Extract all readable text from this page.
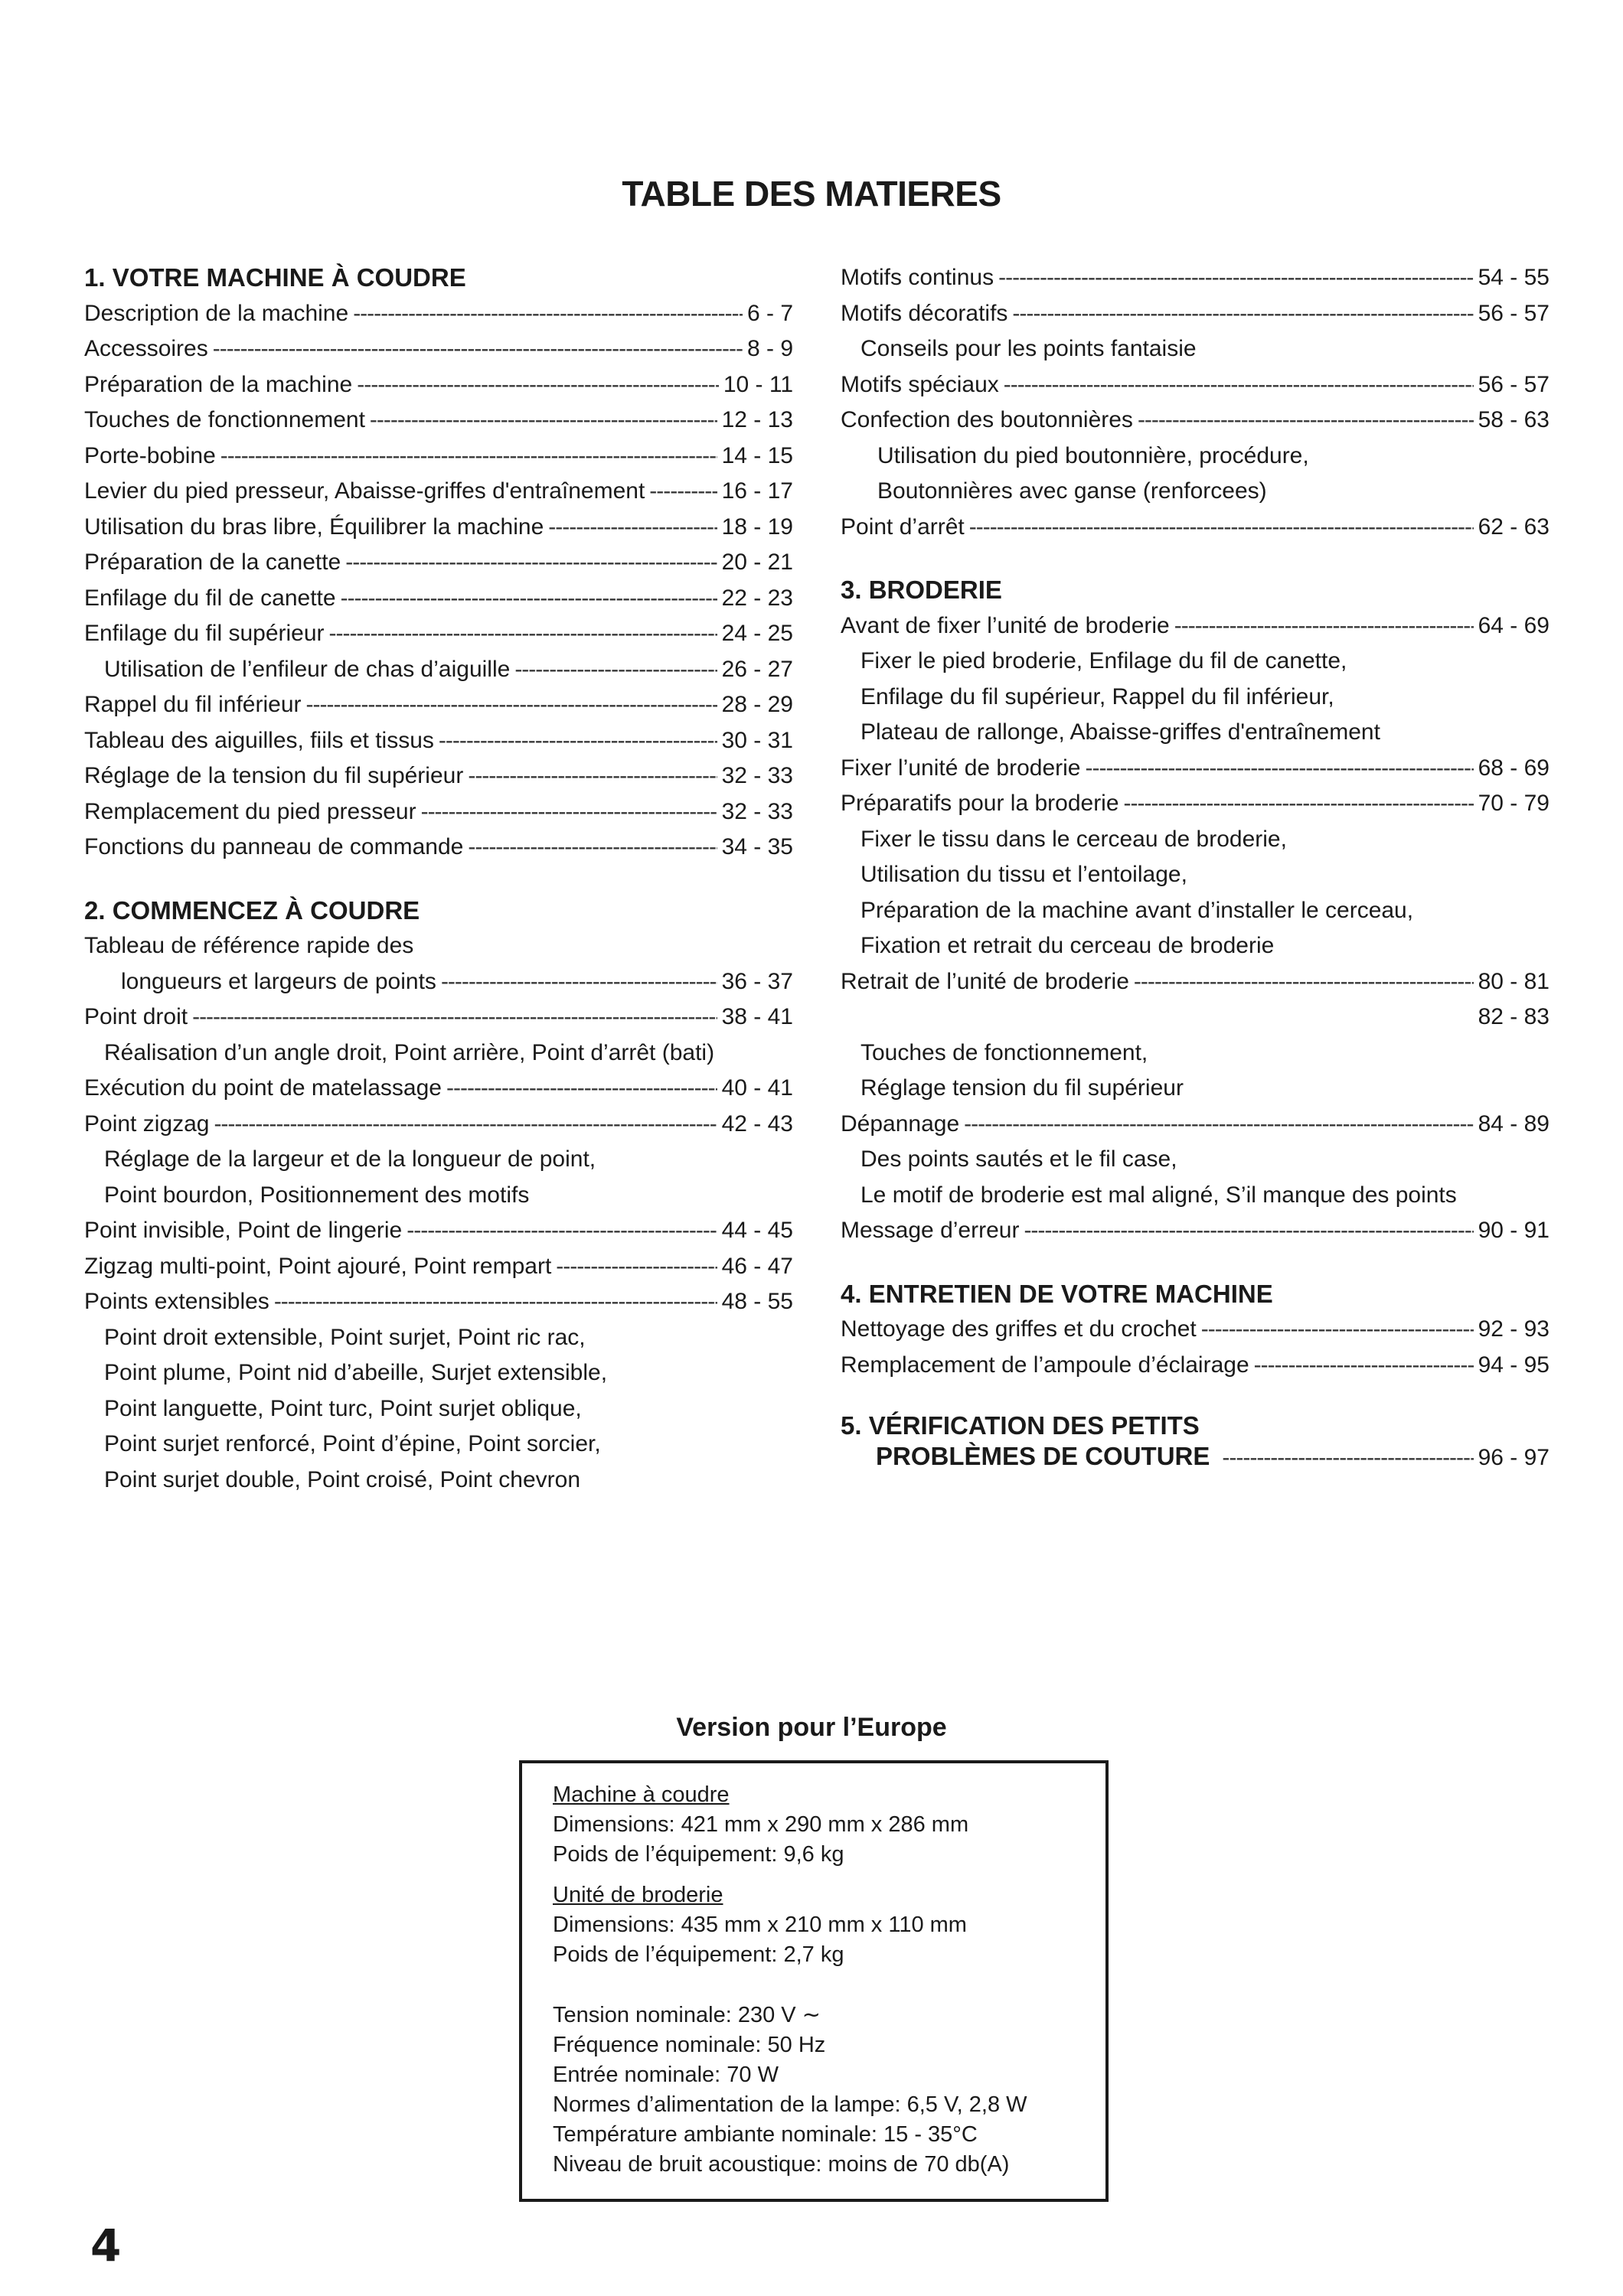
TABLE DES MATIERES
1. VOTRE MACHINE À COUDRE
Description de la machine -----	6 - 7
Accessoires -----	8 - 9
Préparation de la machine -----	10 - 11
Touches de fonctionnement -----	12 - 13
Porte-bobine -----	14 - 15
Levier du pied presseur, Abaisse-griffes d'entraînement -----	16 - 17
Utilisation du bras libre, Équilibrer la machine -----	18 - 19
Préparation de la canette -----	20 - 21
Enfilage du fil de canette -----	22 - 23
Enfilage du fil supérieur -----	24 - 25
Utilisation de l’enfileur de chas d’aiguille -----	26 - 27
Rappel du fil inférieur -----	28 - 29
Tableau des aiguilles, fiils et tissus -----	30 - 31
Réglage de la tension du fil supérieur -----	32 - 33
Remplacement du pied presseur -----	32 - 33
Fonctions du panneau de commande -----	34 - 35
2. COMMENCEZ À COUDRE
Tableau de référence rapide des
longueurs et largeurs de points -----	36 - 37
Point droit -----	38 - 41
Réalisation d’un angle droit, Point arrière, Point d’arrêt (bati)
Exécution du point de matelassage -----	40 - 41
Point zigzag -----	42 - 43
Réglage de la largeur et de la longueur de point,
Point bourdon, Positionnement des motifs
Point invisible, Point de lingerie -----	44 - 45
Zigzag multi-point, Point ajouré, Point rempart -----	46 - 47
Points extensibles -----	48 - 55
Point droit extensible, Point surjet, Point ric rac,
Point plume, Point nid d’abeille, Surjet extensible,
Point languette, Point turc, Point surjet oblique,
Point surjet renforcé, Point d’épine, Point sorcier,
Point surjet double, Point croisé, Point chevron
Motifs continus -----	54 - 55
Motifs décoratifs -----	56 - 57
Conseils pour les points fantaisie
Motifs spéciaux -----	56 - 57
Confection des boutonnières -----	58 - 63
Utilisation du pied boutonnière, procédure,
Boutonnières avec ganse (renforcees)
Point d’arrêt -----	62 - 63
3. BRODERIE
Avant de fixer l’unité de broderie -----	64 - 69
Fixer le pied broderie, Enfilage du fil de canette,
Enfilage du fil supérieur, Rappel du fil inférieur,
Plateau de rallonge, Abaisse-griffes d'entraînement
Fixer l’unité de broderie -----	68 - 69
Préparatifs pour la broderie -----	70 - 79
Fixer le tissu dans le cerceau de broderie,
Utilisation du tissu et l’entoilage,
Préparation de la machine avant d’installer le cerceau,
Fixation et retrait du cerceau de broderie
Retrait de l’unité de broderie -----	80 - 81
82 - 83
Touches de fonctionnement,
Réglage tension du fil supérieur
Dépannage -----	84 - 89
Des points sautés et le fil case,
Le motif de broderie est mal aligné, S’il manque des points
Message d’erreur -----	90 - 91
4. ENTRETIEN DE VOTRE MACHINE
Nettoyage des griffes et du crochet -----	92 - 93
Remplacement de l’ampoule d’éclairage -----	94 - 95
5. VÉRIFICATION DES PETITS
PROBLÈMES DE COUTURE -----	96 - 97
Version pour l’Europe
Machine à coudre
Dimensions: 421 mm x 290 mm x 286 mm
Poids de l’équipement: 9,6 kg
Unité de broderie
Dimensions: 435 mm x 210 mm x 110 mm
Poids de l’équipement: 2,7 kg
Tension nominale: 230 V ∼
Fréquence nominale: 50 Hz
Entrée nominale: 70 W
Normes d’alimentation de la lampe: 6,5 V, 2,8 W
Température ambiante nominale: 15 - 35°C
Niveau de bruit acoustique: moins de 70 db(A)
4
